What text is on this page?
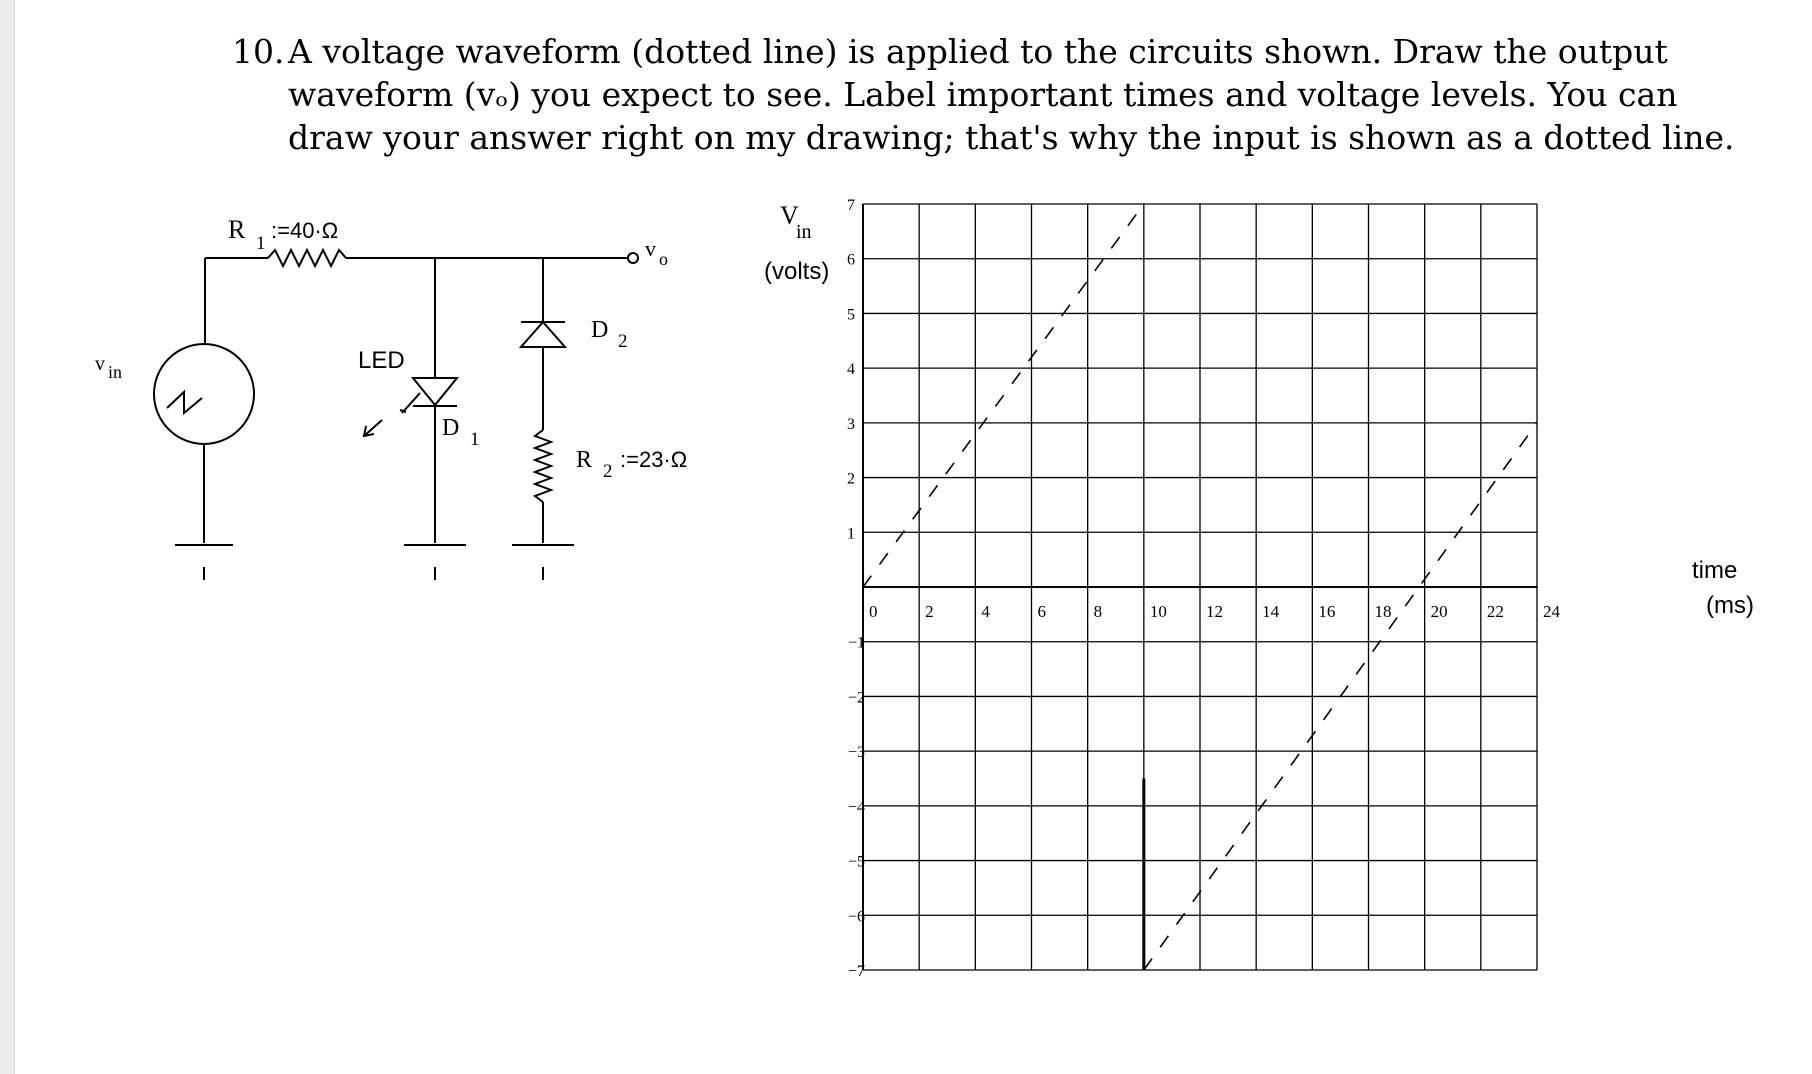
10. A voltage waveform (dotted line) is applied to the circuits shown. Draw the output
waveform (vₒ) you expect to see. Label important times and voltage levels. You can
draw your answer right on my drawing; that's why the input is shown as a dotted line.
R 1
:=40·Ω
v o
v in	LED
D 1
D 2
R 2 :=23·Ω
0	2	4	6	8	10 12 14 16 18 20 22 24
1
2
3
4
5
6
7
−1
−2
−3
−4
−5
−6
−7
V
in
(volts)
time
(ms)
